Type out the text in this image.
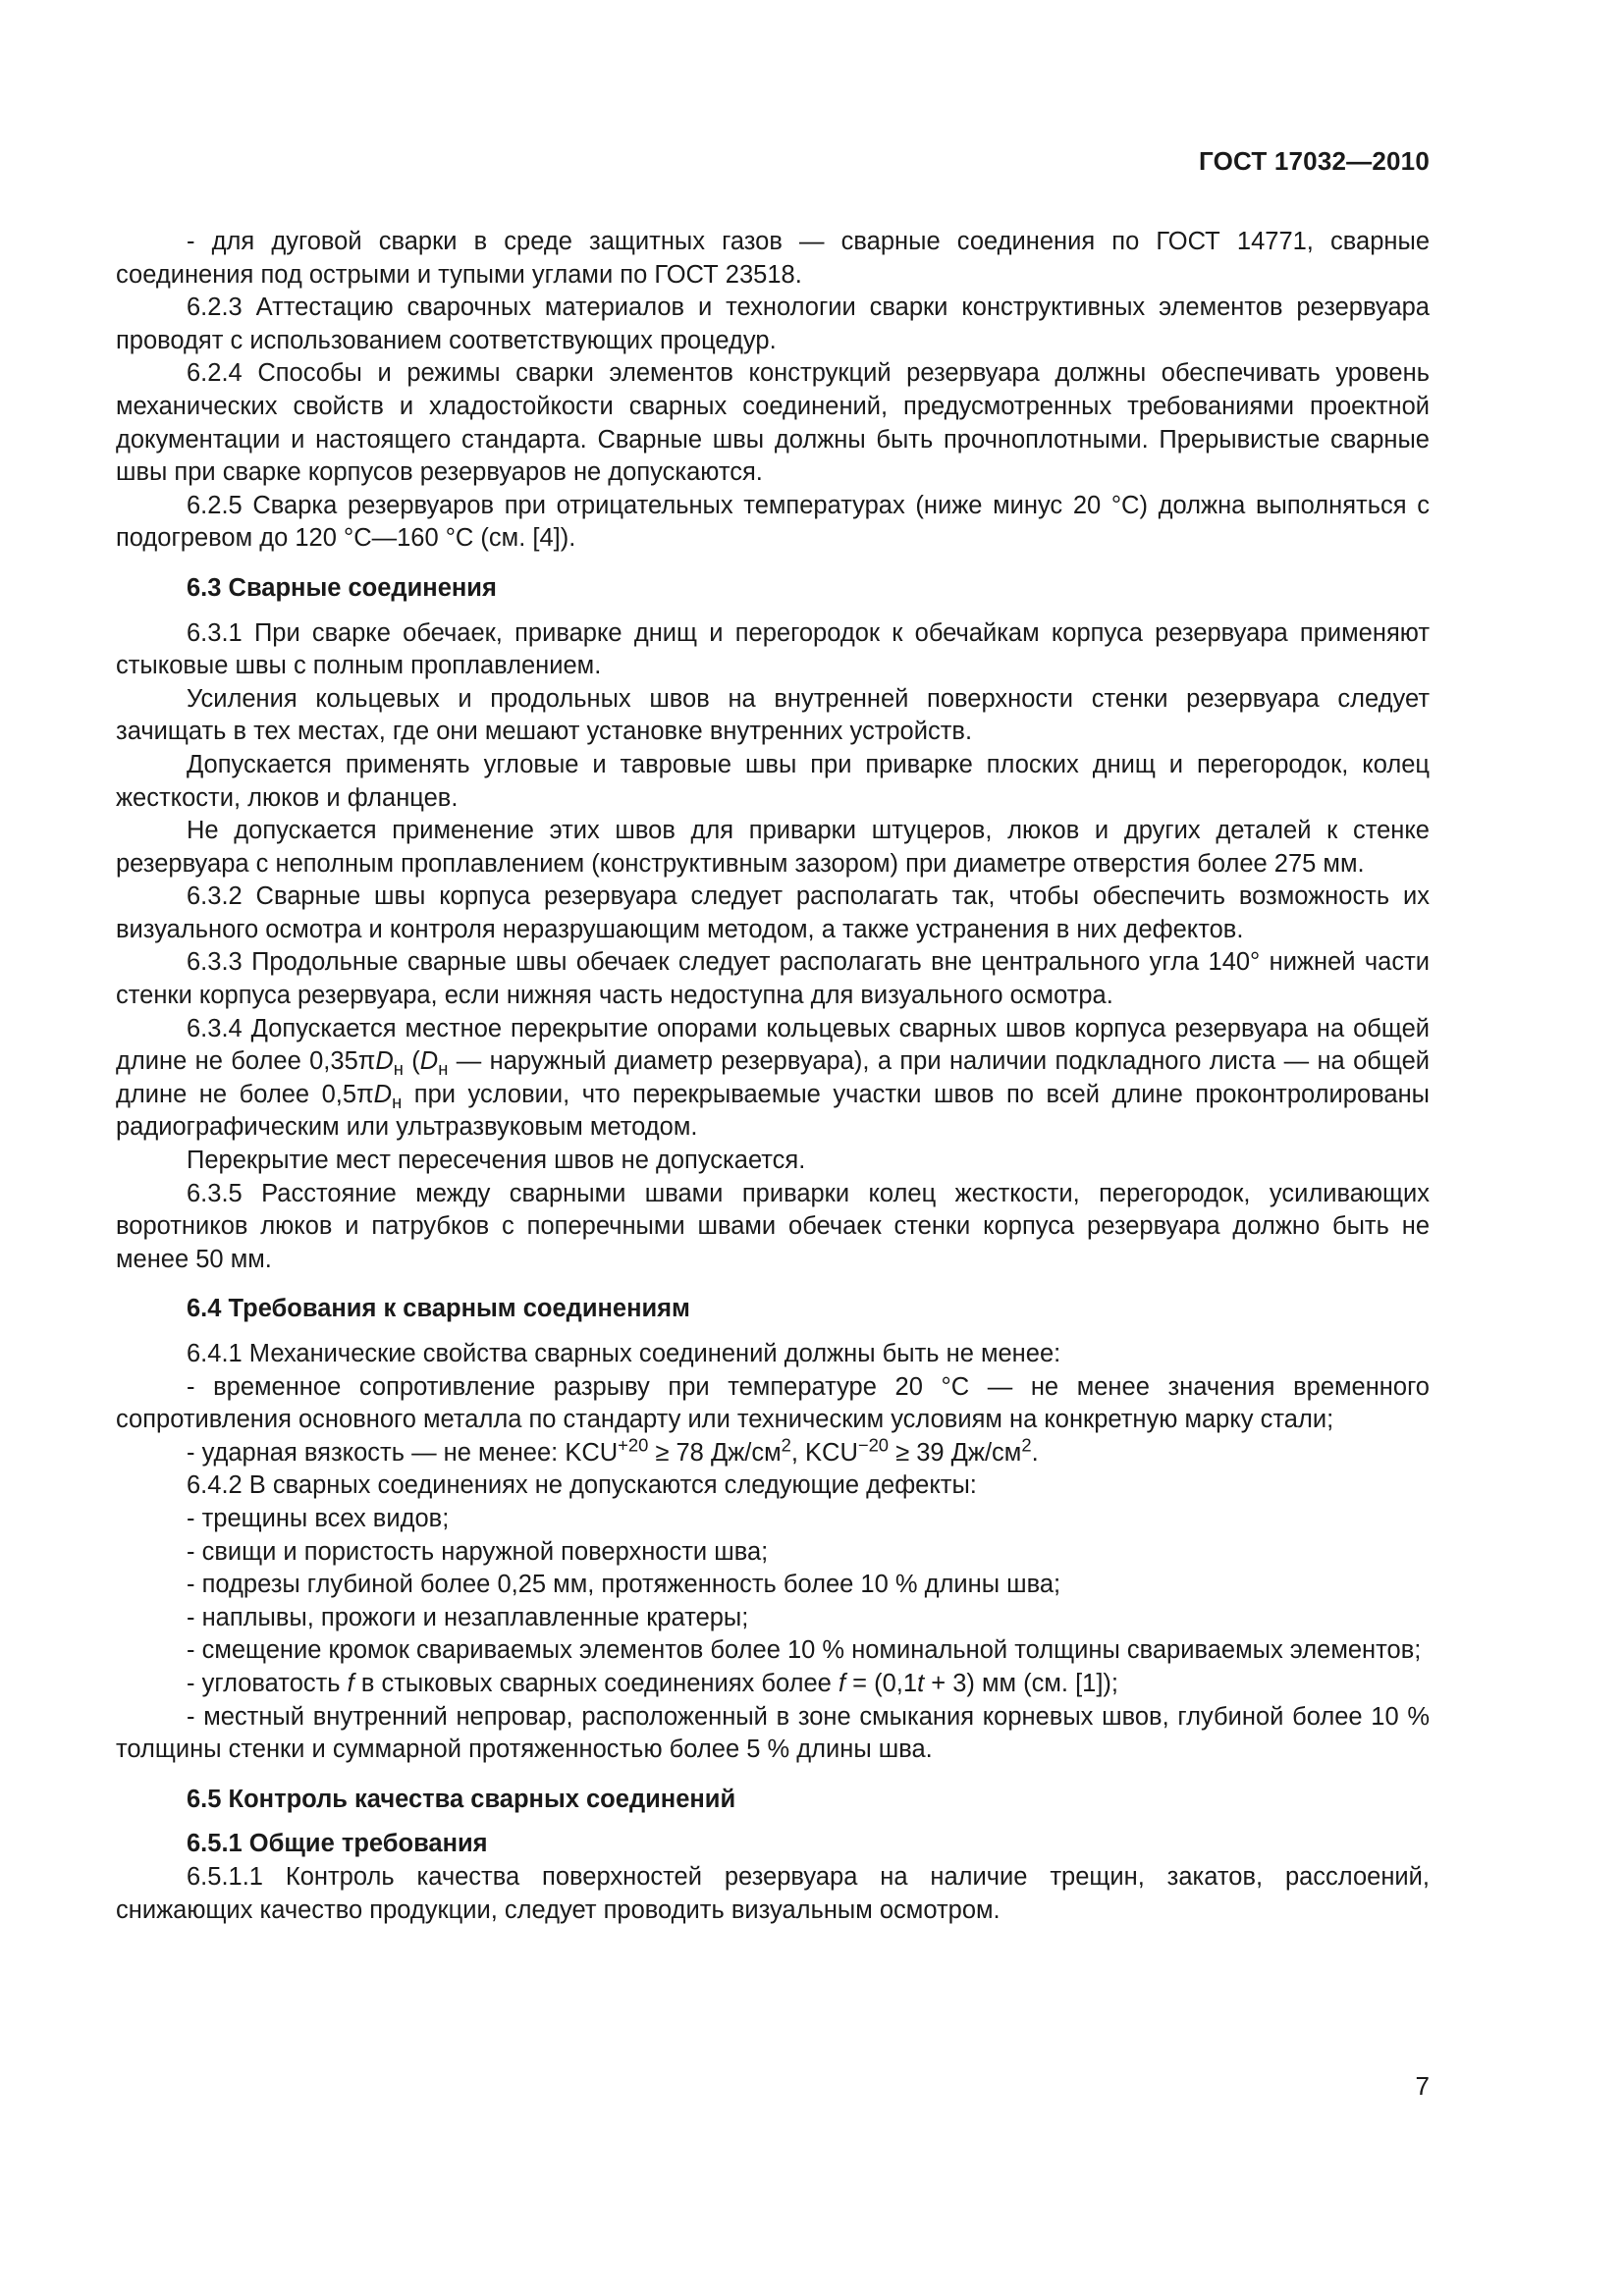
ГОСТ 17032—2010

- для дуговой сварки в среде защитных газов — сварные соединения по ГОСТ 14771, сварные соединения под острыми и тупыми углами по ГОСТ 23518.

6.2.3 Аттестацию сварочных материалов и технологии сварки конструктивных элементов резервуара проводят с использованием соответствующих процедур.

6.2.4 Способы и режимы сварки элементов конструкций резервуара должны обеспечивать уровень механических свойств и хладостойкости сварных соединений, предусмотренных требованиями проектной документации и настоящего стандарта. Сварные швы должны быть прочноплотными. Прерывистые сварные швы при сварке корпусов резервуаров не допускаются.

6.2.5 Сварка резервуаров при отрицательных температурах (ниже минус 20 °С) должна выполняться с подогревом до 120 °С—160 °С (см. [4]).

6.3 Сварные соединения

6.3.1 При сварке обечаек, приварке днищ и перегородок к обечайкам корпуса резервуара применяют стыковые швы с полным проплавлением.

Усиления кольцевых и продольных швов на внутренней поверхности стенки резервуара следует зачищать в тех местах, где они мешают установке внутренних устройств.

Допускается применять угловые и тавровые швы при приварке плоских днищ и перегородок, колец жесткости, люков и фланцев.

Не допускается применение этих швов для приварки штуцеров, люков и других деталей к стенке резервуара с неполным проплавлением (конструктивным зазором) при диаметре отверстия более 275 мм.

6.3.2 Сварные швы корпуса резервуара следует располагать так, чтобы обеспечить возможность их визуального осмотра и контроля неразрушающим методом, а также устранения в них дефектов.

6.3.3 Продольные сварные швы обечаек следует располагать вне центрального угла 140° нижней части стенки корпуса резервуара, если нижняя часть недоступна для визуального осмотра.

6.3.4 Допускается местное перекрытие опорами кольцевых сварных швов корпуса резервуара на общей длине не более $0,35\pi D_н$ ($D_н$ — наружный диаметр резервуара), а при наличии подкладного листа — на общей длине не более $0,5\pi D_н$ при условии, что перекрываемые участки швов по всей длине проконтролированы радиографическим или ультразвуковым методом.

Перекрытие мест пересечения швов не допускается.

6.3.5 Расстояние между сварными швами приварки колец жесткости, перегородок, усиливающих воротников люков и патрубков с поперечными швами обечаек стенки корпуса резервуара должно быть не менее 50 мм.

6.4 Требования к сварным соединениям

6.4.1 Механические свойства сварных соединений должны быть не менее:

- временное сопротивление разрыву при температуре 20 °С — не менее значения временного сопротивления основного металла по стандарту или техническим условиям на конкретную марку стали;

- ударная вязкость — не менее: $KCU^{+20} \ge 78$ $Дж/см^2$, $KCU^{-20} \ge 39$ $Дж/см^2$.

6.4.2 В сварных соединениях не допускаются следующие дефекты:

- трещины всех видов;

- свищи и пористость наружной поверхности шва;

- подрезы глубиной более 0,25 мм, протяженность более 10 % длины шва;

- наплывы, прожоги и незаплавленные кратеры;

- смещение кромок свариваемых элементов более 10 % номинальной толщины свариваемых элементов;

- угловатость f в стыковых сварных соединениях более f = (0,1t + 3) мм (см. [1]);

- местный внутренний непровар, расположенный в зоне смыкания корневых швов, глубиной более 10 % толщины стенки и суммарной протяженностью более 5 % длины шва.

6.5 Контроль качества сварных соединений

6.5.1 Общие требования

6.5.1.1 Контроль качества поверхностей резервуара на наличие трещин, закатов, расслоений, снижающих качество продукции, следует проводить визуальным осмотром.

7
